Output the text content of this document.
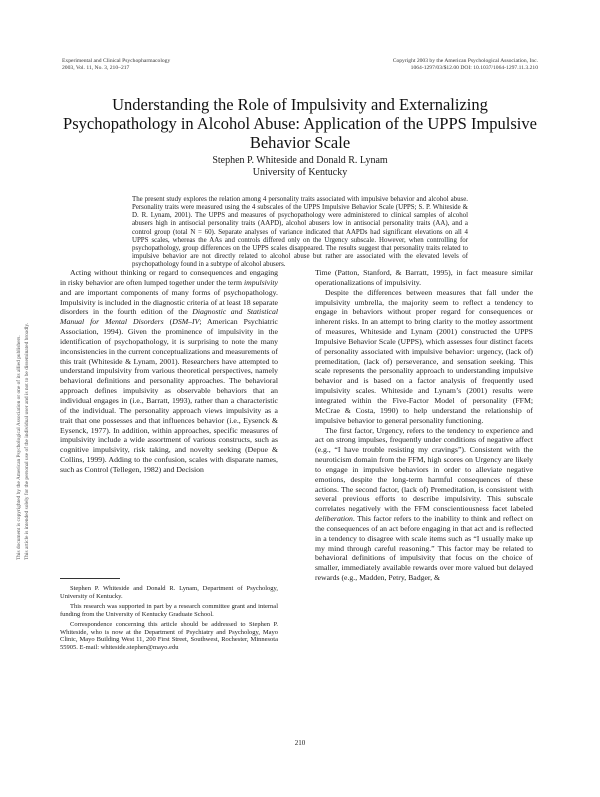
Experimental and Clinical Psychopharmacology
2003, Vol. 11, No. 3, 210–217
Copyright 2003 by the American Psychological Association, Inc.
1064-1297/03/$12.00 DOI: 10.1037/1064-1297.11.3.210
Understanding the Role of Impulsivity and Externalizing Psychopathology in Alcohol Abuse: Application of the UPPS Impulsive Behavior Scale
Stephen P. Whiteside and Donald R. Lynam
University of Kentucky

The present study explores the relation among 4 personality traits associated with impulsive behavior and alcohol abuse. Personality traits were measured using the 4 subscales of the UPPS Impulsive Behavior Scale (UPPS; S. P. Whiteside & D. R. Lynam, 2001). The UPPS and measures of psychopathology were administered to clinical samples of alcohol abusers high in antisocial personality traits (AAPD), alcohol abusers low in antisocial personality traits (AA), and a control group (total N = 60). Separate analyses of variance indicated that AAPDs had significant elevations on all 4 UPPS scales, whereas the AAs and controls differed only on the Urgency subscale. However, when controlling for psychopathology, group differences on the UPPS scales disappeared. The results suggest that personality traits related to impulsive behavior are not directly related to alcohol abuse but rather are associated with the elevated levels of psychopathology found in a subtype of alcohol abusers.

This document is copyrighted by the American Psychological Association or one of its allied publishers. This article is intended solely for the personal use of the individual user and is not to be disseminated broadly.

Acting without thinking or regard to consequences and engaging in risky behavior are often lumped together under the term impulsivity and are important components of many forms of psychopathology. Impulsivity is included in the diagnostic criteria of at least 18 separate disorders in the fourth edition of the Diagnostic and Statistical Manual for Mental Disorders (DSM–IV; American Psychiatric Association, 1994). Given the prominence of impulsivity in the identification of psychopathology, it is surprising to note the many inconsistencies in the current conceptualizations and measurements of this trait (Whiteside & Lynam, 2001). Researchers have attempted to understand impulsivity from various theoretical perspectives, namely behavioral definitions and personality approaches. The behavioral approach defines impulsivity as observable behaviors that an individual engages in (i.e., Barratt, 1993), rather than a characteristic of the individual. The personality approach views impulsivity as a trait that one possesses and that influences behavior (i.e., Eysenck & Eysenck, 1977). In addition, within approaches, specific measures of impulsivity include a wide assortment of various constructs, such as cognitive impulsivity, risk taking, and novelty seeking (Depue & Collins, 1999). Adding to the confusion, scales with disparate names, such as Control (Tellegen, 1982) and Decision

Stephen P. Whiteside and Donald R. Lynam, Department of Psychology, University of Kentucky.

This research was supported in part by a research committee grant and internal funding from the University of Kentucky Graduate School.

Correspondence concerning this article should be addressed to Stephen P. Whiteside, who is now at the Department of Psychiatry and Psychology, Mayo Clinic, Mayo Building West 11, 200 First Street, Southwest, Rochester, Minnesota 55905. E-mail: whiteside.stephen@mayo.edu

Time (Patton, Stanford, & Barratt, 1995), in fact measure similar operationalizations of impulsivity.

Despite the differences between measures that fall under the impulsivity umbrella, the majority seem to reflect a tendency to engage in behaviors without proper regard for consequences or inherent risks. In an attempt to bring clarity to the motley assortment of measures, Whiteside and Lynam (2001) constructed the UPPS Impulsive Behavior Scale (UPPS), which assesses four distinct facets of personality associated with impulsive behavior: urgency, (lack of) premeditation, (lack of) perseverance, and sensation seeking. This scale represents the personality approach to understanding impulsive behavior and is based on a factor analysis of frequently used impulsivity scales. Whiteside and Lynam’s (2001) results were integrated within the Five-Factor Model of personality (FFM; McCrae & Costa, 1990) to help understand the relationship of impulsive behavior to general personality functioning.

The first factor, Urgency, refers to the tendency to experience and act on strong impulses, frequently under conditions of negative affect (e.g., “I have trouble resisting my cravings”). Consistent with the neuroticism domain from the FFM, high scores on Urgency are likely to engage in impulsive behaviors in order to alleviate negative emotions, despite the long-term harmful consequences of these actions. The second factor, (lack of) Premeditation, is consistent with several previous efforts to describe impulsivity. This subscale correlates negatively with the FFM conscientiousness facet labeled deliberation. This factor refers to the inability to think and reflect on the consequences of an act before engaging in that act and is reflected in a tendency to disagree with scale items such as “I usually make up my mind through careful reasoning.” This factor may be related to behavioral definitions of impulsivity that focus on the choice of smaller, immediately available rewards over more valued but delayed rewards (e.g., Madden, Petry, Badger, &

210
